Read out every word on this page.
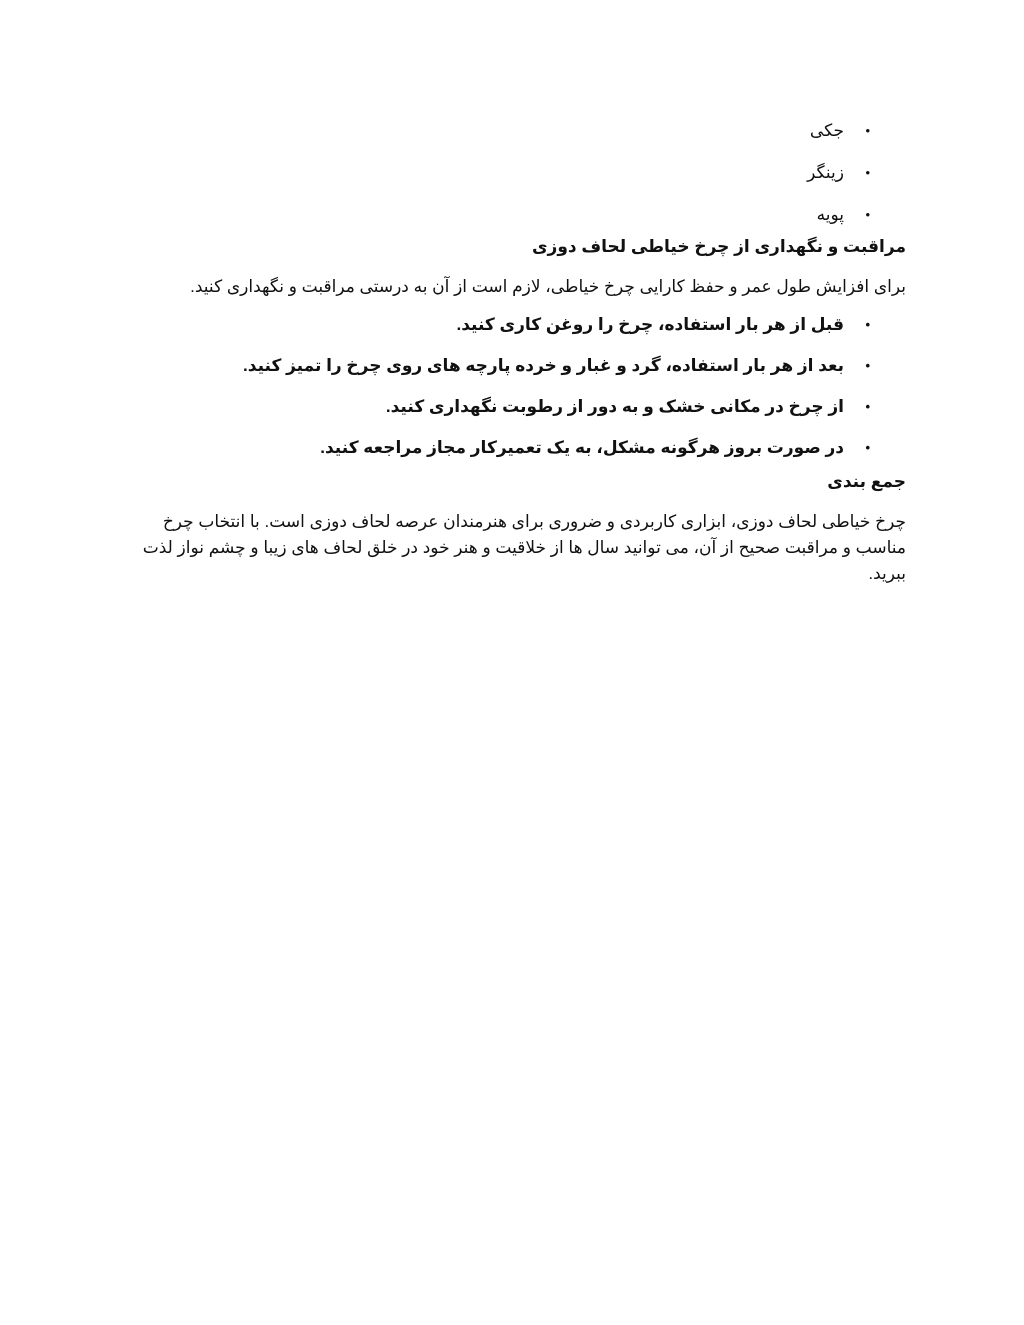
•
جکی
•
زینگر
•
پویه
مراقبت و نگهداری از چرخ خیاطی لحاف دوزی

برای افزایش طول عمر و حفظ کارایی چرخ خیاطی، لازم است از آن به درستی مراقبت و نگهداری کنید.

•
قبل از هر بار استفاده، چرخ را روغن کاری کنید.
•
بعد از هر بار استفاده، گرد و غبار و خرده پارچه های روی چرخ را تمیز کنید.
•
از چرخ در مکانی خشک و به دور از رطوبت نگهداری کنید.
•
در صورت بروز هرگونه مشکل، به یک تعمیرکار مجاز مراجعه کنید.
جمع بندی

چرخ خیاطی لحاف دوزی، ابزاری کاربردی و ضروری برای هنرمندان عرصه لحاف دوزی است. با انتخاب چرخ مناسب و مراقبت صحیح از آن، می توانید سال ها از خلاقیت و هنر خود در خلق لحاف های زیبا و چشم نواز لذت ببرید.
